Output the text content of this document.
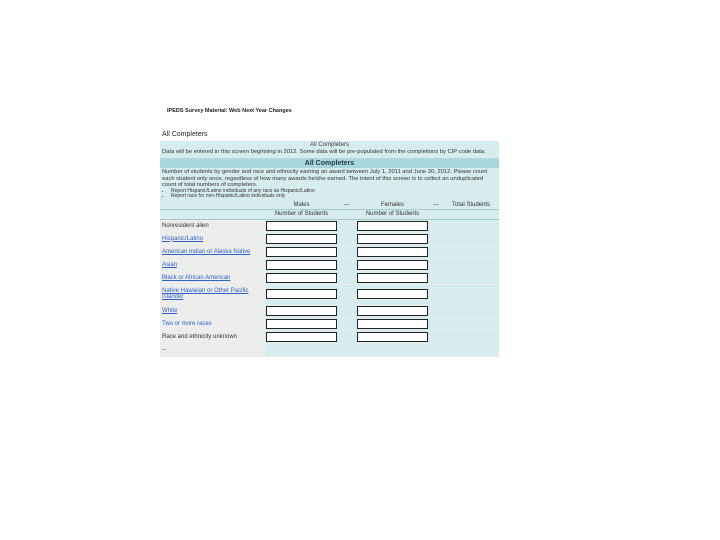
IPEDS Survey Material: Web Next Year Changes
All Completers
All Completers
Data will be entered in this screen beginning in 2012. Some data will be pre-populated from the completions by CIP code data.
All Completers
Number of students by gender and race and ethnicity earning an award between July 1, 2011 and June 30, 2012. Please count each student only once, regardless of how many awards he/she earned. The intent of this screen is to collect an unduplicated count of total numbers of completers.
• Report Hispanic/Latino individuals of any race as Hispanic/Latino
• Report race for non-Hispanic/Latino individuals only
	Males	---	Females	---	Total Students
	Number of Students		Number of Students		
Nonresident alien					
Hispanic/Latino					
American Indian or Alaska Native					
Asian					
Black or African American					
Native Hawaiian or Other Pacific Islander					
White					
Two or more races					
Race and ethnicity unknown					
--					
